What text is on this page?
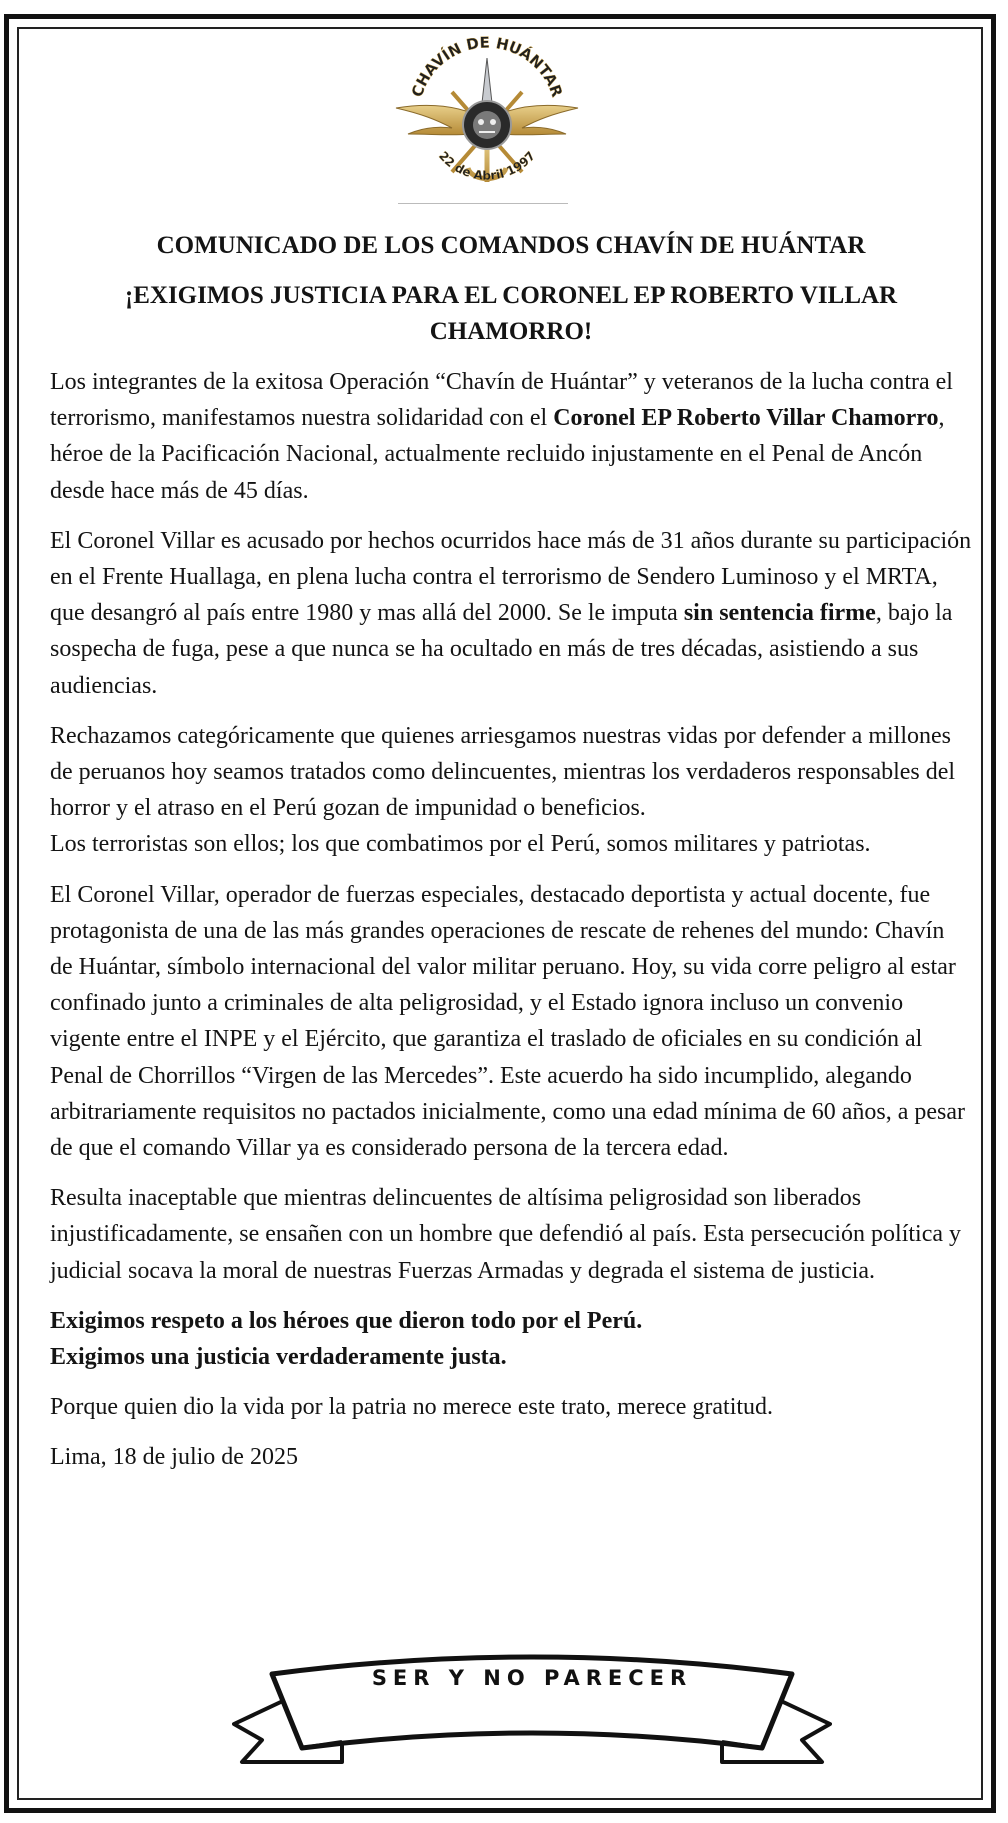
CHAVÍN DE HUÁNTAR
22 de Abril 1997
COMUNICADO DE LOS COMANDOS CHAVÍN DE HUÁNTAR
¡EXIGIMOS JUSTICIA PARA EL CORONEL EP ROBERTO VILLAR CHAMORRO!

Los integrantes de la exitosa Operación “Chavín de Huántar” y veteranos de la lucha contra el terrorismo, manifestamos nuestra solidaridad con el Coronel EP Roberto Villar Chamorro, héroe de la Pacificación Nacional, actualmente recluido injustamente en el Penal de Ancón desde hace más de 45 días.

El Coronel Villar es acusado por hechos ocurridos hace más de 31 años durante su participación en el Frente Huallaga, en plena lucha contra el terrorismo de Sendero Luminoso y el MRTA, que desangró al país entre 1980 y mas allá del 2000. Se le imputa sin sentencia firme, bajo la sospecha de fuga, pese a que nunca se ha ocultado en más de tres décadas, asistiendo a sus audiencias.

Rechazamos categóricamente que quienes arriesgamos nuestras vidas por defender a millones de peruanos hoy seamos tratados como delincuentes, mientras los verdaderos responsables del horror y el atraso en el Perú gozan de impunidad o beneficios.
Los terroristas son ellos; los que combatimos por el Perú, somos militares y patriotas.

El Coronel Villar, operador de fuerzas especiales, destacado deportista y actual docente, fue protagonista de una de las más grandes operaciones de rescate de rehenes del mundo: Chavín de Huántar, símbolo internacional del valor militar peruano. Hoy, su vida corre peligro al estar confinado junto a criminales de alta peligrosidad, y el Estado ignora incluso un convenio vigente entre el INPE y el Ejército, que garantiza el traslado de oficiales en su condición al Penal de Chorrillos “Virgen de las Mercedes”. Este acuerdo ha sido incumplido, alegando arbitrariamente requisitos no pactados inicialmente, como una edad mínima de 60 años, a pesar de que el comando Villar ya es considerado persona de la tercera edad.

Resulta inaceptable que mientras delincuentes de altísima peligrosidad son liberados injustificadamente, se ensañen con un hombre que defendió al país. Esta persecución política y judicial socava la moral de nuestras Fuerzas Armadas y degrada el sistema de justicia.

Exigimos respeto a los héroes que dieron todo por el Perú.
Exigimos una justicia verdaderamente justa.
Porque quien dio la vida por la patria no merece este trato, merece gratitud.
Lima, 18 de julio de 2025
SER Y NO PARECER
